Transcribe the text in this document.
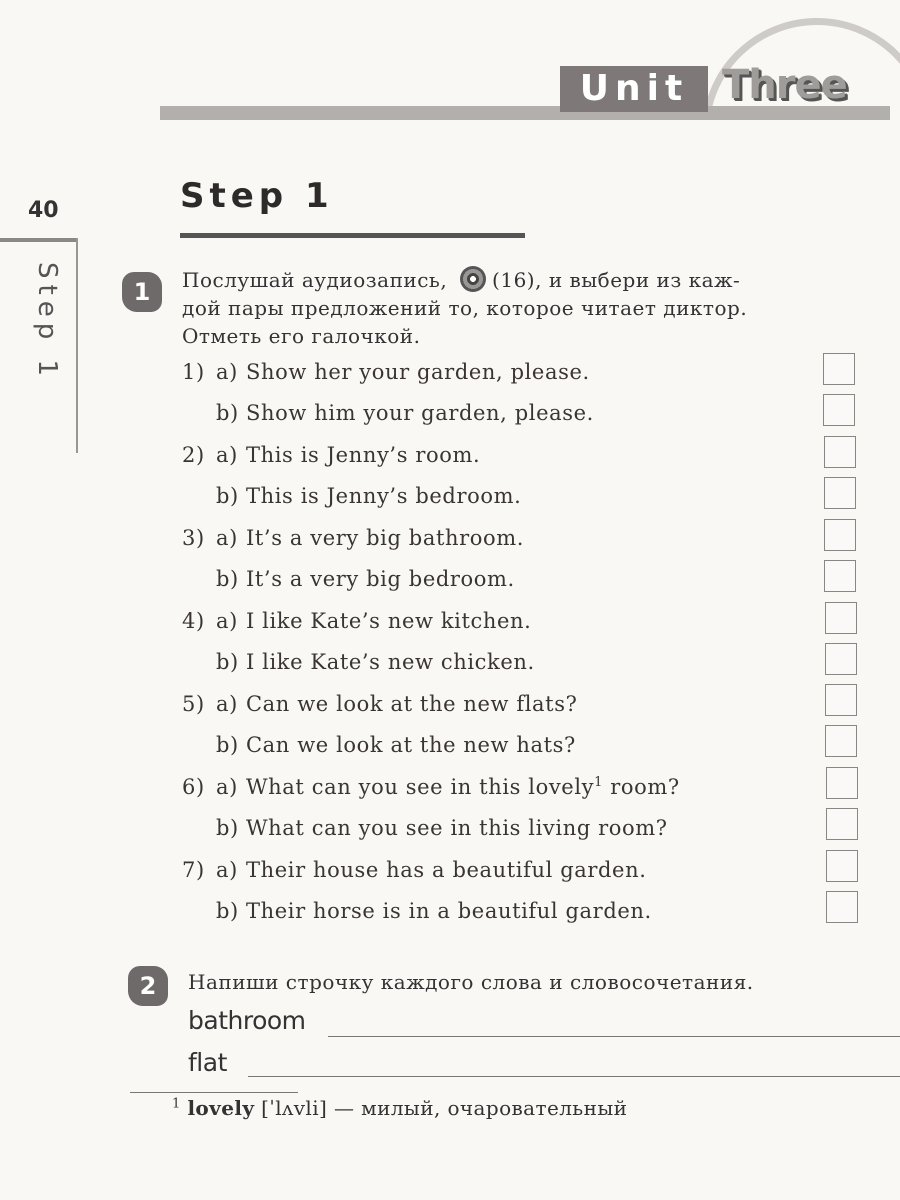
Unit Three
40
Step 1
Step 1
1	Послушай аудиозапись, (16), и выбери из каж-
дой пары предложений то, которое читает диктор.
Отметь его галочкой.
1) a) Show her your garden, please.
b) Show him your garden, please.
2) a) This is Jenny’s room.
b) This is Jenny’s bedroom.
3) a) It’s a very big bathroom.
b) It’s a very big bedroom.
4) a) I like Kate’s new kitchen.
b) I like Kate’s new chicken.
5) a) Can we look at the new flats?
b) Can we look at the new hats?
6) a) What can you see in this lovely$^1$ room?
b) What can you see in this living room?
7) a) Their house has a beautiful garden.
b) Their horse is in a beautiful garden.
2	Напиши строчку каждого слова и словосочетания.
bathroom
flat
$^1$ lovely [ˈlʌvli] — милый, очаровательный
